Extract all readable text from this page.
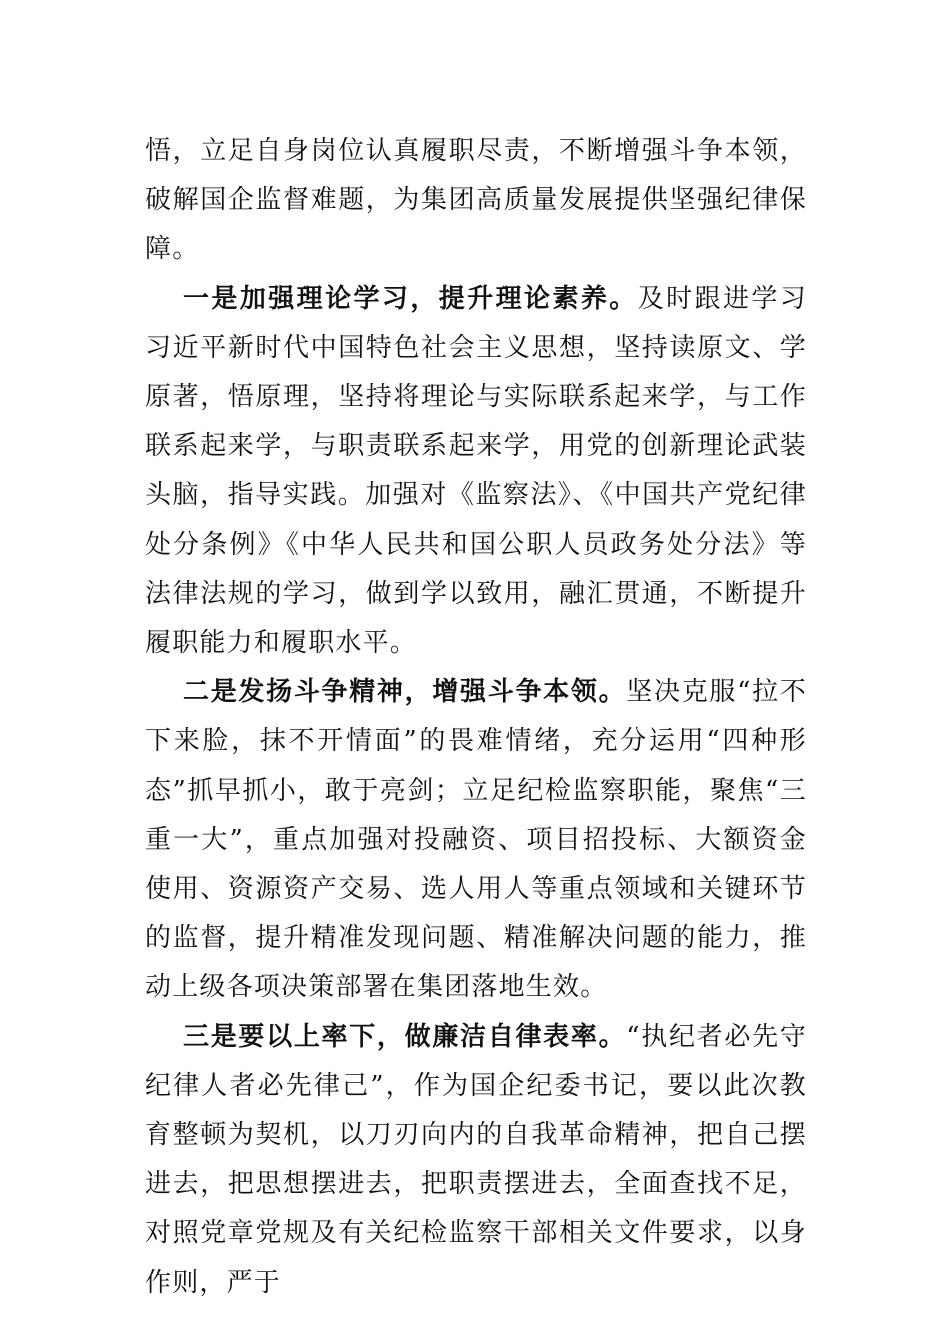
悟，立足自身岗位认真履职尽责，不断增强斗争本领，破解国企监督难题，为集团高质量发展提供坚强纪律保障。

一是加强理论学习，提升理论素养。及时跟进学习习近平新时代中国特色社会主义思想，坚持读原文、学原著，悟原理，坚持将理论与实际联系起来学，与工作联系起来学，与职责联系起来学，用党的创新理论武装头脑，指导实践。加强对《监察法》、《中国共产党纪律处分条例》《中华人民共和国公职人员政务处分法》等法律法规的学习，做到学以致用，融汇贯通，不断提升履职能力和履职水平。

二是发扬斗争精神，增强斗争本领。坚决克服“拉不下来脸，抹不开情面”的畏难情绪，充分运用“四种形态”抓早抓小，敢于亮剑；立足纪检监察职能，聚焦“三重一大”，重点加强对投融资、项目招投标、大额资金使用、资源资产交易、选人用人等重点领域和关键环节的监督，提升精准发现问题、精准解决问题的能力，推动上级各项决策部署在集团落地生效。

三是要以上率下，做廉洁自律表率。“执纪者必先守纪律人者必先律己”，作为国企纪委书记，要以此次教育整顿为契机，以刀刃向内的自我革命精神，把自己摆进去，把思想摆进去，把职责摆进去，全面查找不足，对照党章党规及有关纪检监察干部相关文件要求，以身作则，严于
